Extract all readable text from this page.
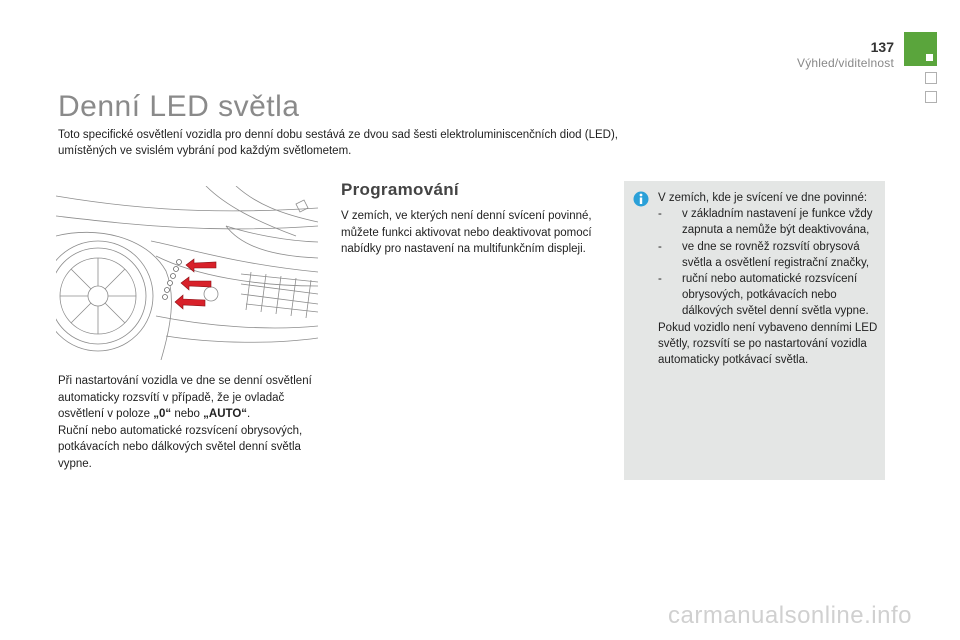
137
Výhled/viditelnost
Denní LED světla
Toto specifické osvětlení vozidla pro denní dobu sestává ze dvou sad šesti elektroluminiscenčních diod (LED), umístěných ve svislém vybrání pod každým světlometem.
Při nastartování vozidla ve dne se denní osvětlení automaticky rozsvítí v případě, že je ovladač osvětlení v poloze „0“ nebo „AUTO“.
Ruční nebo automatické rozsvícení obrysových, potkávacích nebo dálkových světel denní světla vypne.
Programování
V zemích, ve kterých není denní svícení povinné, můžete funkci aktivovat nebo deaktivovat pomocí nabídky pro nastavení na multifunkčním displeji.

V zemích, kde je svícení ve dne povinné:

- v základním nastavení je funkce vždy zapnuta a nemůže být deaktivována,
- ve dne se rovněž rozsvítí obrysová světla a osvětlení registrační značky,
- ruční nebo automatické rozsvícení obrysových, potkávacích nebo dálkových světel denní světla vypne.

Pokud vozidlo není vybaveno denními LED světly, rozsvítí se po nastartování vozidla automaticky potkávací světla.

carmanualsonline.info
